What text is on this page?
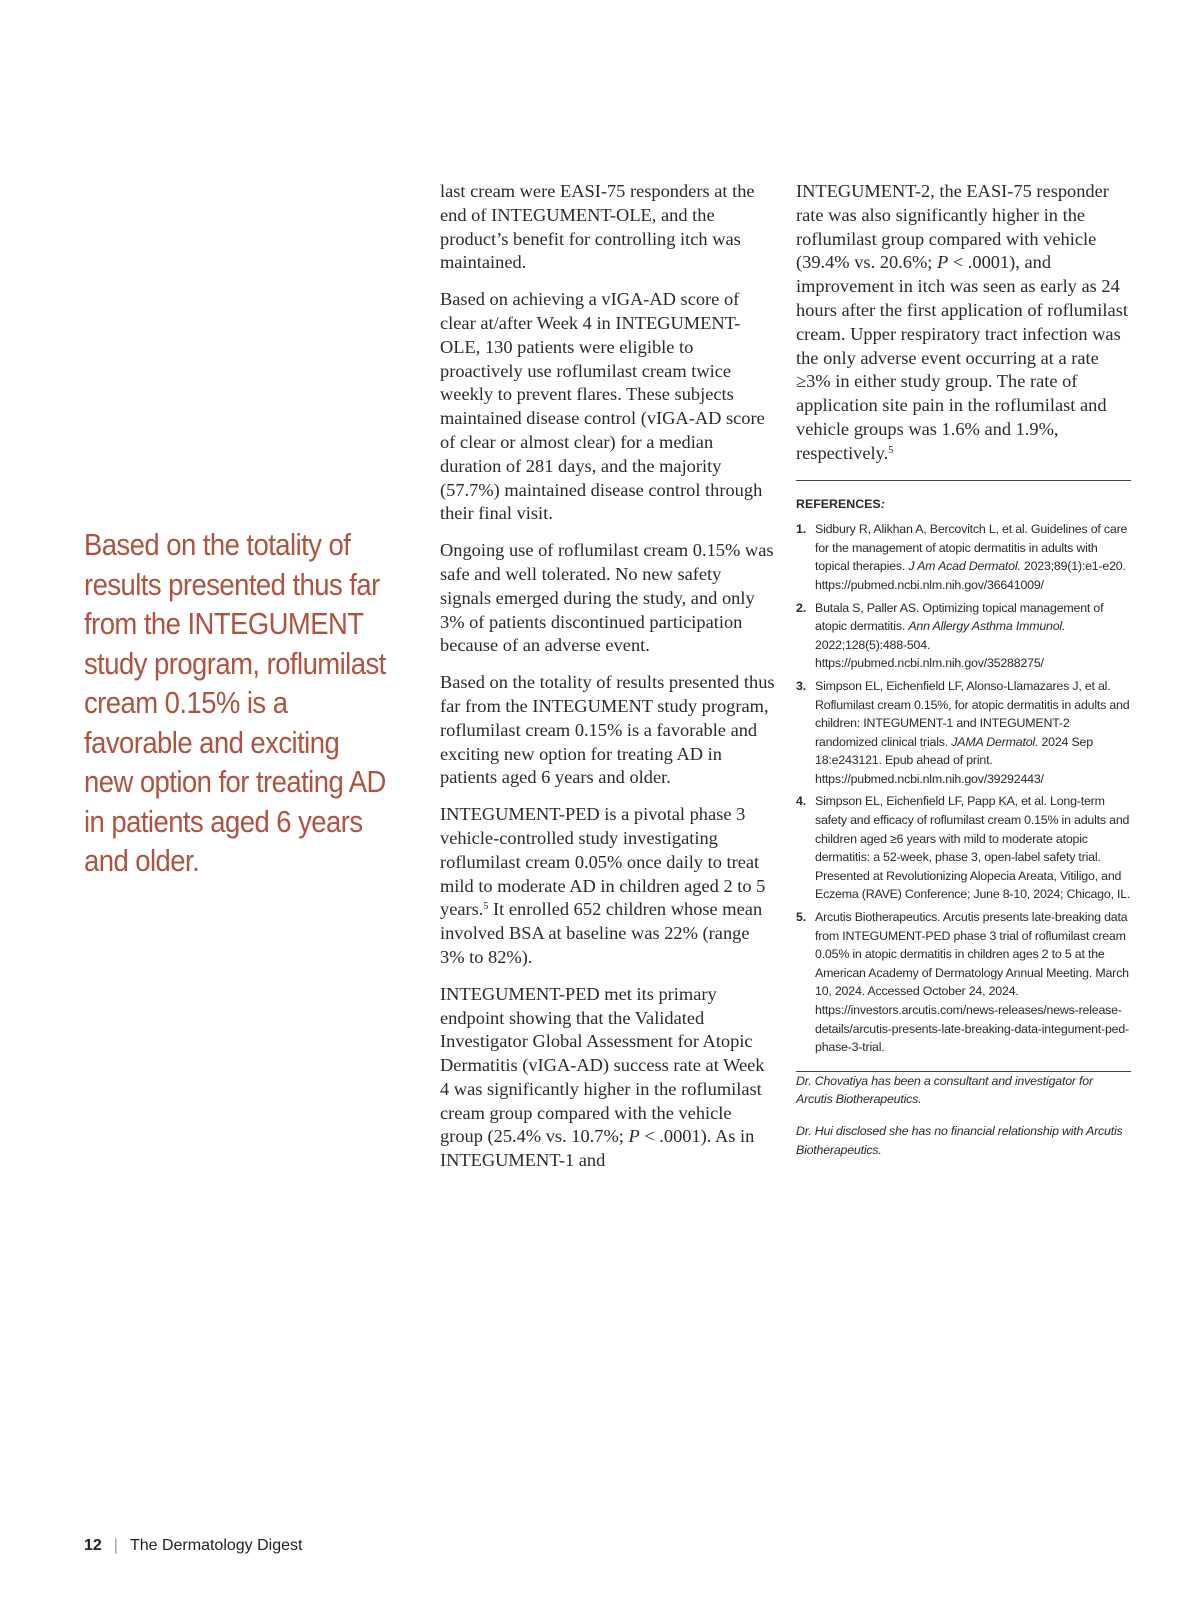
Based on the totality of results presented thus far from the INTEGUMENT study program, roflumilast cream 0.15% is a favorable and exciting new option for treating AD in patients aged 6 years and older.

last cream were EASI-75 responders at the end of INTEGUMENT-OLE, and the product’s benefit for controlling itch was maintained.

Based on achieving a vIGA-AD score of clear at/after Week 4 in INTEGUMENT-OLE, 130 patients were eligible to proactively use roflumilast cream twice weekly to prevent flares. These subjects maintained disease control (vIGA-AD score of clear or almost clear) for a median duration of 281 days, and the majority (57.7%) maintained disease control through their final visit.

Ongoing use of roflumilast cream 0.15% was safe and well tolerated. No new safety signals emerged during the study, and only 3% of patients discontinued participation because of an adverse event.

Based on the totality of results presented thus far from the INTEGUMENT study program, roflumilast cream 0.15% is a favorable and exciting new option for treating AD in patients aged 6 years and older.

INTEGUMENT-PED is a pivotal phase 3 vehicle-controlled study investigating roflumilast cream 0.05% once daily to treat mild to moderate AD in children aged 2 to 5 years.$^5$ It enrolled 652 children whose mean involved BSA at baseline was 22% (range 3% to 82%).

INTEGUMENT-PED met its primary endpoint showing that the Validated Investigator Global Assessment for Atopic Dermatitis (vIGA-AD) success rate at Week 4 was significantly higher in the roflumilast cream group compared with the vehicle group (25.4% vs. 10.7%; P < .0001). As in INTEGUMENT-1 and

INTEGUMENT-2, the EASI-75 responder rate was also significantly higher in the roflumilast group compared with vehicle (39.4% vs. 20.6%; P < .0001), and improvement in itch was seen as early as 24 hours after the first application of roflumilast cream. Upper respiratory tract infection was the only adverse event occurring at a rate ≥3% in either study group. The rate of application site pain in the roflumilast and vehicle groups was 1.6% and 1.9%, respectively.$^5$

REFERENCES:
1. Sidbury R, Alikhan A, Bercovitch L, et al. Guidelines of care for the management of atopic dermatitis in adults with topical therapies. J Am Acad Dermatol. 2023;89(1):e1-e20. https://pubmed.ncbi.nlm.nih.gov/36641009/
2. Butala S, Paller AS. Optimizing topical management of atopic dermatitis. Ann Allergy Asthma Immunol. 2022;128(5):488-504. https://pubmed.ncbi.nlm.nih.gov/35288275/
3. Simpson EL, Eichenfield LF, Alonso-Llamazares J, et al. Roflumilast cream 0.15%, for atopic dermatitis in adults and children: INTEGUMENT-1 and INTEGUMENT-2 randomized clinical trials. JAMA Dermatol. 2024 Sep 18:e243121. Epub ahead of print. https://pubmed.ncbi.nlm.nih.gov/39292443/
4. Simpson EL, Eichenfield LF, Papp KA, et al. Long-term safety and efficacy of roflumilast cream 0.15% in adults and children aged ≥6 years with mild to moderate atopic dermatitis: a 52-week, phase 3, open-label safety trial. Presented at Revolutionizing Alopecia Areata, Vitiligo, and Eczema (RAVE) Conference; June 8-10, 2024; Chicago, IL.
5. Arcutis Biotherapeutics. Arcutis presents late-breaking data from INTEGUMENT-PED phase 3 trial of roflumilast cream 0.05% in atopic dermatitis in children ages 2 to 5 at the American Academy of Dermatology Annual Meeting. March 10, 2024. Accessed October 24, 2024. https://investors.arcutis.com/news-releases/news-release-details/arcutis-presents-late-breaking-data-integument-ped-phase-3-trial.

Dr. Chovatiya has been a consultant and investigator for Arcutis Biotherapeutics.

Dr. Hui disclosed she has no financial relationship with Arcutis Biotherapeutics.

12 | The Dermatology Digest
